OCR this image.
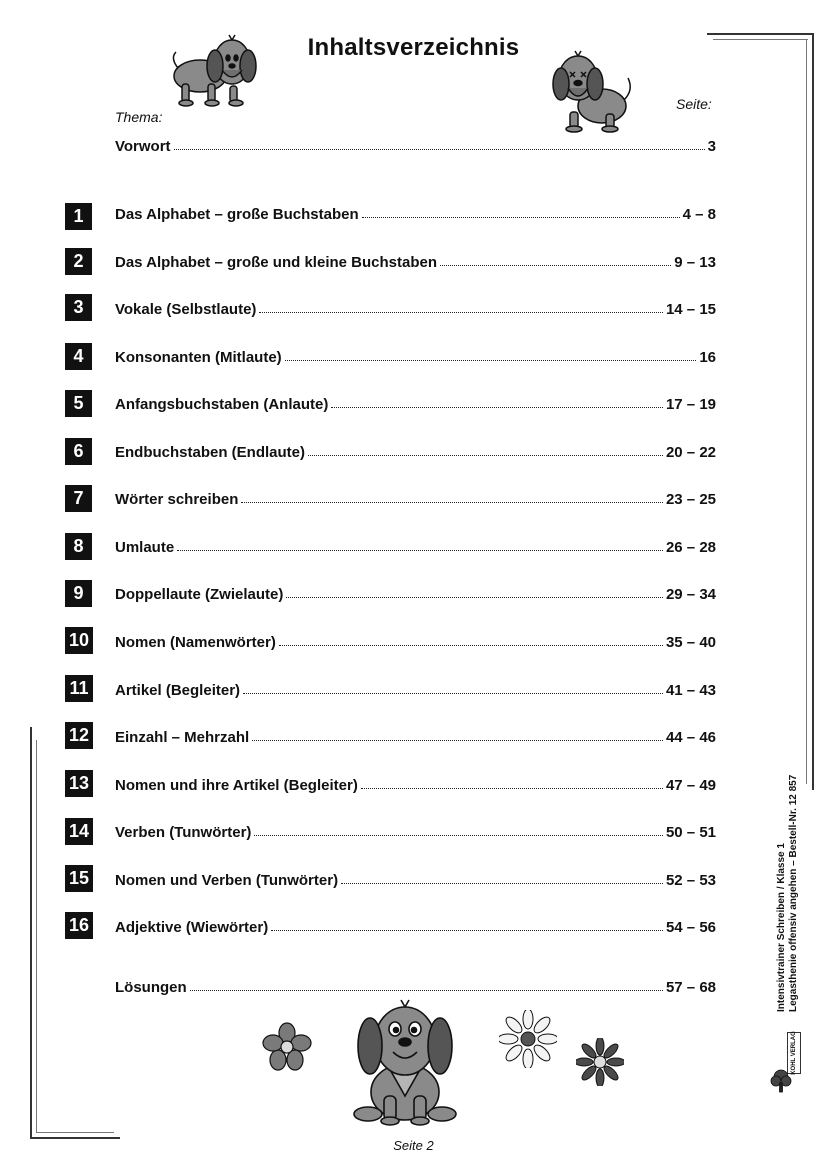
Inhaltsverzeichnis
Thema:
Seite:
Vorwort	3
1	Das Alphabet – große Buchstaben	4 – 8
2	Das Alphabet – große und kleine Buchstaben	9 – 13
3	Vokale (Selbstlaute)	14 – 15
4	Konsonanten (Mitlaute)	16
5	Anfangsbuchstaben (Anlaute)	17 – 19
6	Endbuchstaben (Endlaute)	20 – 22
7	Wörter schreiben	23 – 25
8	Umlaute	26 – 28
9	Doppellaute (Zwielaute)	29 – 34
10 Nomen (Namenwörter)	35 – 40
11 Artikel (Begleiter)	41 – 43
12 Einzahl – Mehrzahl	44 – 46
13 Nomen und ihre Artikel (Begleiter)	47 – 49
14 Verben (Tunwörter)	50 – 51
15 Nomen und Verben (Tunwörter)	52 – 53
16 Adjektive (Wiewörter)	54 – 56
Lösungen	57 – 68
Seite 2
Intensivtrainer Schreiben / Klasse 1 Legasthenie offensiv angehen – Bestell-Nr. 12 857
KOHL VERLAG
